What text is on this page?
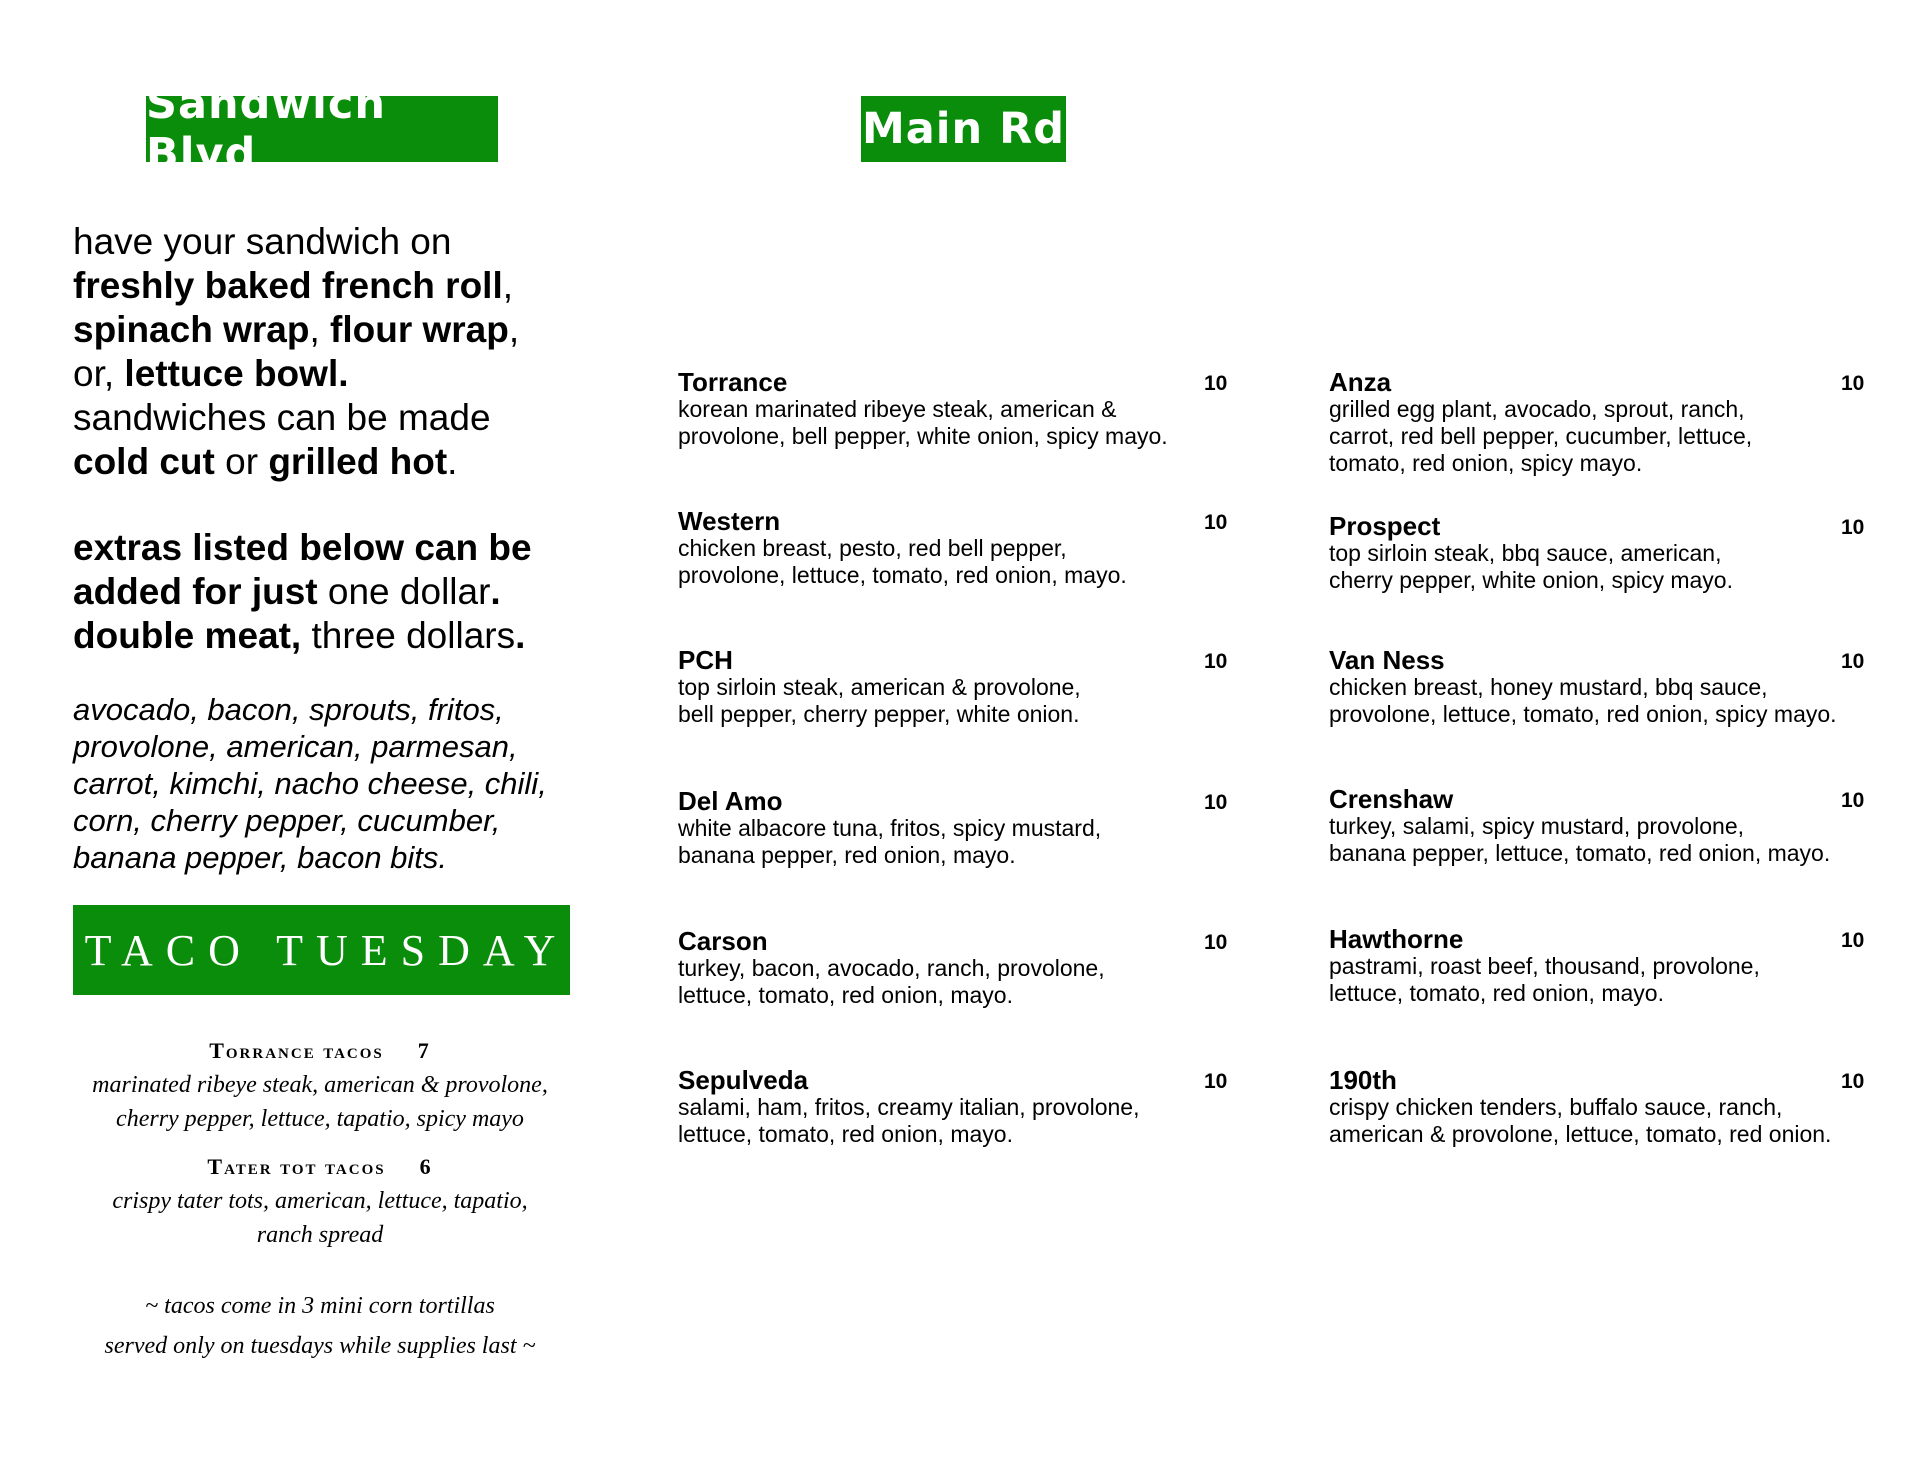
Sandwich Blvd	Main Rd

have your sandwich on

freshly baked french roll,

spinach wrap, flour wrap,

or, lettuce bowl.

sandwiches can be made

cold cut or grilled hot.

extras listed below can be

added for just one dollar.

double meat, three dollars.

avocado, bacon, sprouts, fritos,
provolone, american, parmesan,
carrot, kimchi, nacho cheese, chili,
corn, cherry pepper, cucumber,
banana pepper, bacon bits.
TACO TUESDAY
Torrance tacos 7
marinated ribeye steak, american & provolone,
cherry pepper, lettuce, tapatio, spicy mayo
Tater tot tacos 6
crispy tater tots, american, lettuce, tapatio,
ranch spread
~ tacos come in 3 mini corn tortillas
served only on tuesdays while supplies last ~
Torrance	10
korean marinated ribeye steak, american &
provolone, bell pepper, white onion, spicy mayo.
Western	10
chicken breast, pesto, red bell pepper,
provolone, lettuce, tomato, red onion, mayo.
PCH	10
top sirloin steak, american & provolone,
bell pepper, cherry pepper, white onion.
Del Amo	10
white albacore tuna, fritos, spicy mustard,
banana pepper, red onion, mayo.
Carson	10
turkey, bacon, avocado, ranch, provolone,
lettuce, tomato, red onion, mayo.
Sepulveda	10
salami, ham, fritos, creamy italian, provolone,
lettuce, tomato, red onion, mayo.
Anza	10
grilled egg plant, avocado, sprout, ranch,
carrot, red bell pepper, cucumber, lettuce,
tomato, red onion, spicy mayo.
Prospect	10
top sirloin steak, bbq sauce, american,
cherry pepper, white onion, spicy mayo.
Van Ness	10
chicken breast, honey mustard, bbq sauce,
provolone, lettuce, tomato, red onion, spicy mayo.
Crenshaw	10
turkey, salami, spicy mustard, provolone,
banana pepper, lettuce, tomato, red onion, mayo.
Hawthorne	10
pastrami, roast beef, thousand, provolone,
lettuce, tomato, red onion, mayo.
190th	10
crispy chicken tenders, buffalo sauce, ranch,
american & provolone, lettuce, tomato, red onion.
